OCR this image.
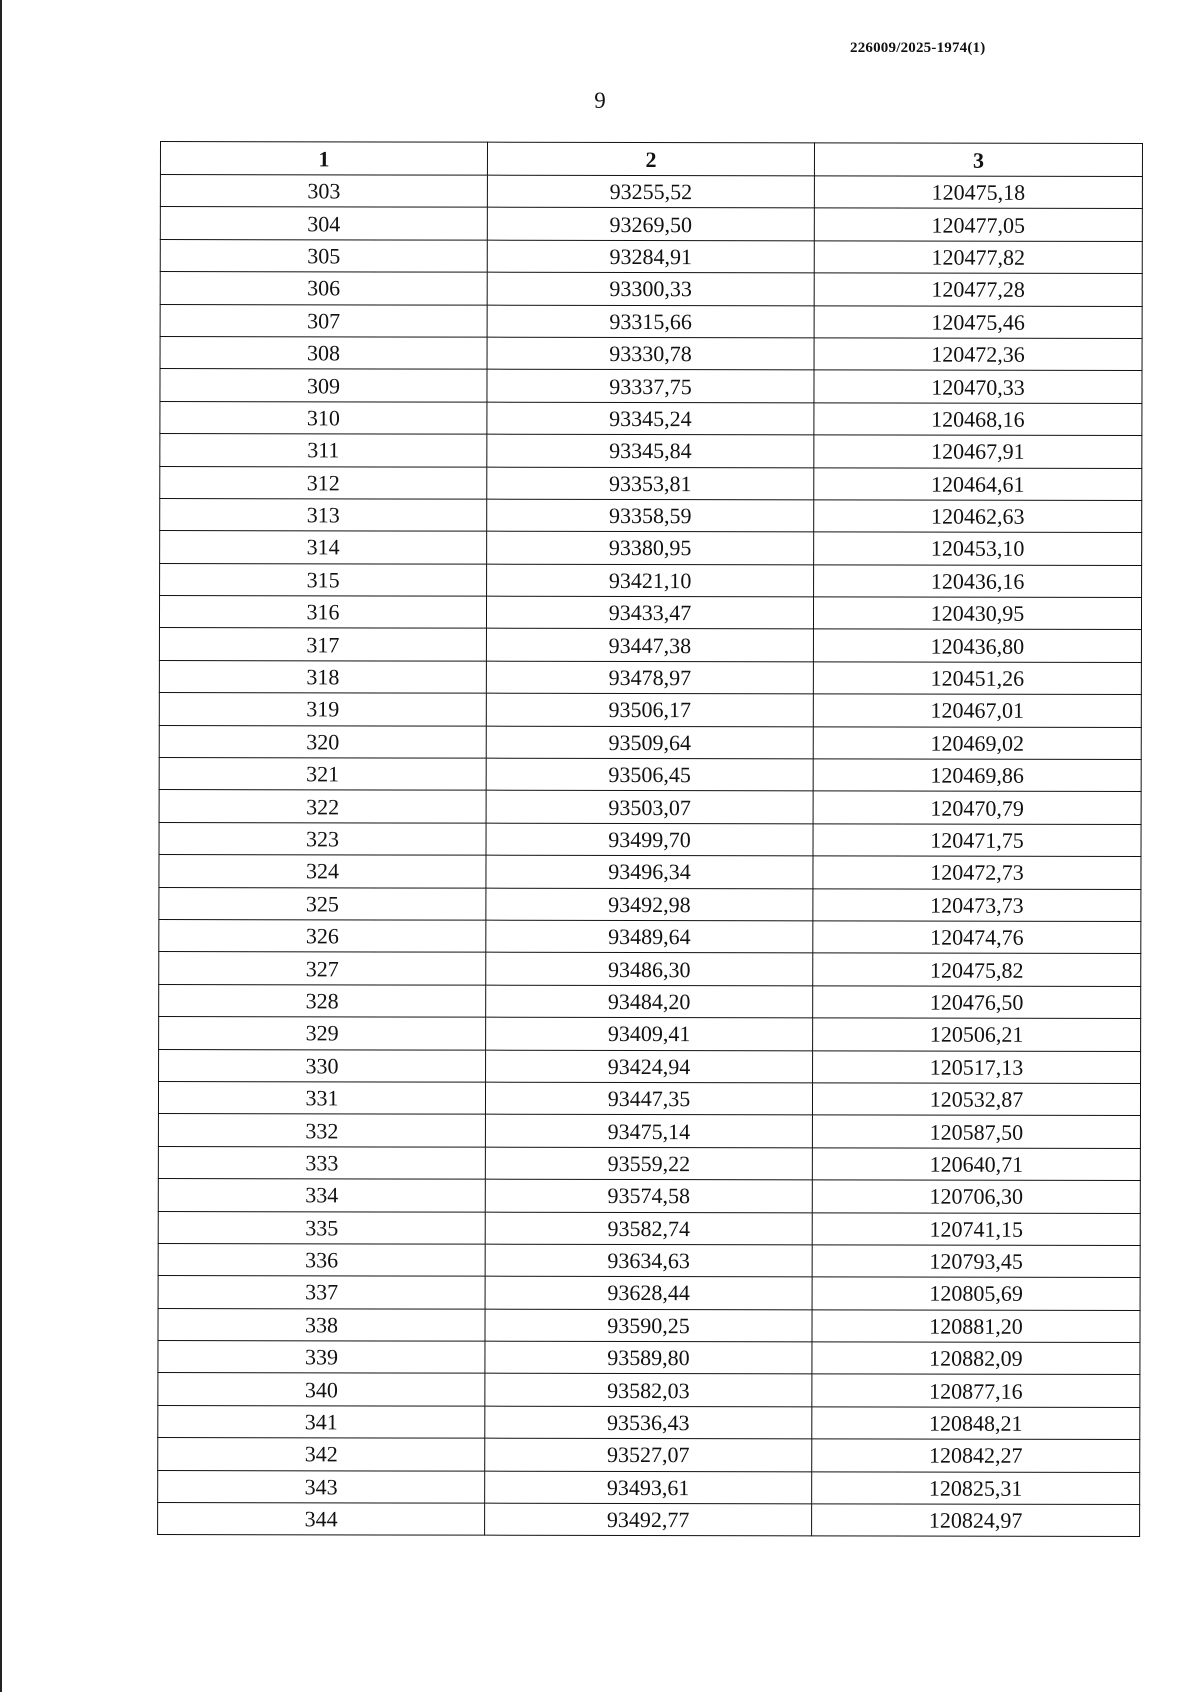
226009/2025-1974(1)
9
1	2	3
303	93255,52	120475,18
304	93269,50	120477,05
305	93284,91	120477,82
306	93300,33	120477,28
307	93315,66	120475,46
308	93330,78	120472,36
309	93337,75	120470,33
310	93345,24	120468,16
311	93345,84	120467,91
312	93353,81	120464,61
313	93358,59	120462,63
314	93380,95	120453,10
315	93421,10	120436,16
316	93433,47	120430,95
317	93447,38	120436,80
318	93478,97	120451,26
319	93506,17	120467,01
320	93509,64	120469,02
321	93506,45	120469,86
322	93503,07	120470,79
323	93499,70	120471,75
324	93496,34	120472,73
325	93492,98	120473,73
326	93489,64	120474,76
327	93486,30	120475,82
328	93484,20	120476,50
329	93409,41	120506,21
330	93424,94	120517,13
331	93447,35	120532,87
332	93475,14	120587,50
333	93559,22	120640,71
334	93574,58	120706,30
335	93582,74	120741,15
336	93634,63	120793,45
337	93628,44	120805,69
338	93590,25	120881,20
339	93589,80	120882,09
340	93582,03	120877,16
341	93536,43	120848,21
342	93527,07	120842,27
343	93493,61	120825,31
344	93492,77	120824,97
